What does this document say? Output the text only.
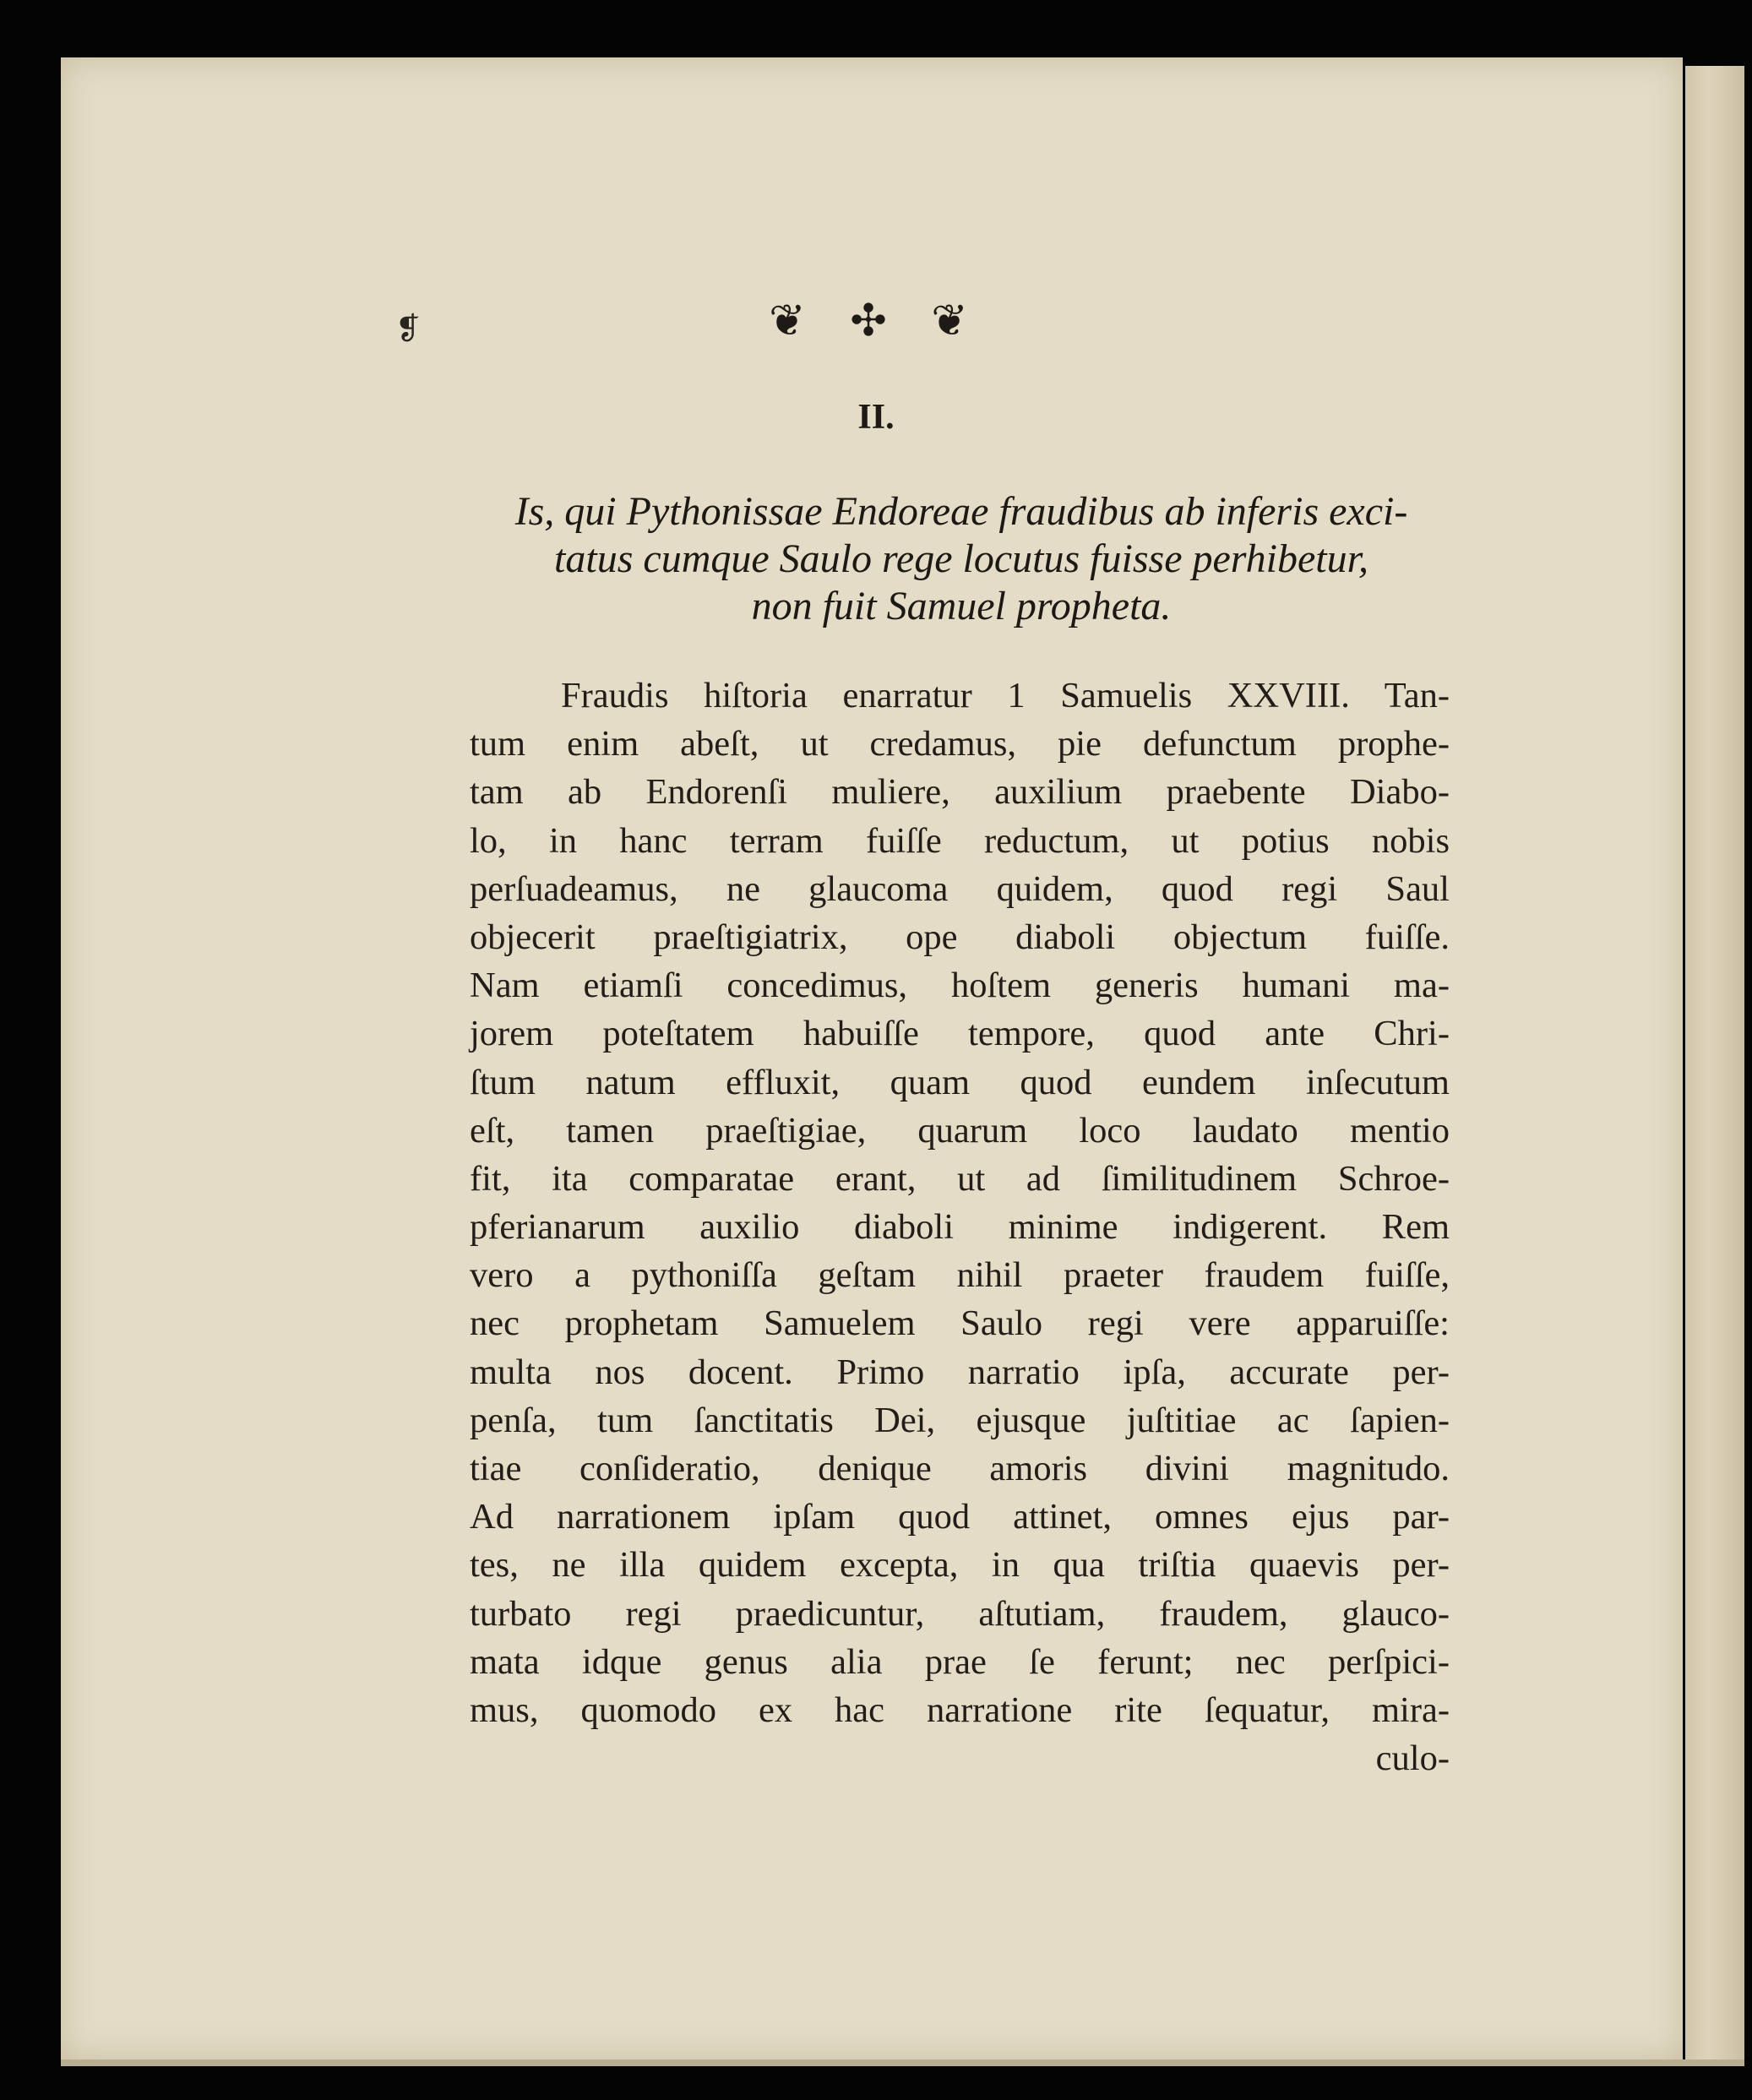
❡	❦ ✣ ❦
II.
Is, qui Pythonissae Endoreae fraudibus ab inferis exci-
tatus cumque Saulo rege locutus fuisse perhibetur,
non fuit Samuel propheta.
Fraudis hiſtoria enarratur 1 Samuelis XXVIII. Tan-
tum enim abeſt, ut credamus, pie defunctum prophe-
tam ab Endorenſi muliere, auxilium praebente Diabo-
lo, in hanc terram fuiſſe reductum, ut potius nobis
perſuadeamus, ne glaucoma quidem, quod regi Saul
objecerit praeſtigiatrix, ope diaboli objectum fuiſſe.
Nam etiamſi concedimus, hoſtem generis humani ma-
jorem poteſtatem habuiſſe tempore, quod ante Chri-
ſtum natum effluxit, quam quod eundem inſecutum
eſt, tamen praeſtigiae, quarum loco laudato mentio
fit, ita comparatae erant, ut ad ſimilitudinem Schroe-
pferianarum auxilio diaboli minime indigerent. Rem
vero a pythoniſſa geſtam nihil praeter fraudem fuiſſe,
nec prophetam Samuelem Saulo regi vere apparuiſſe:
multa nos docent. Primo narratio ipſa, accurate per-
penſa, tum ſanctitatis Dei, ejusque juſtitiae ac ſapien-
tiae conſideratio, denique amoris divini magnitudo.
Ad narrationem ipſam quod attinet, omnes ejus par-
tes, ne illa quidem excepta, in qua triſtia quaevis per-
turbato regi praedicuntur, aſtutiam, fraudem, glauco-
mata idque genus alia prae ſe ferunt; nec perſpici-
mus, quomodo ex hac narratione rite ſequatur, mira-
culo-
